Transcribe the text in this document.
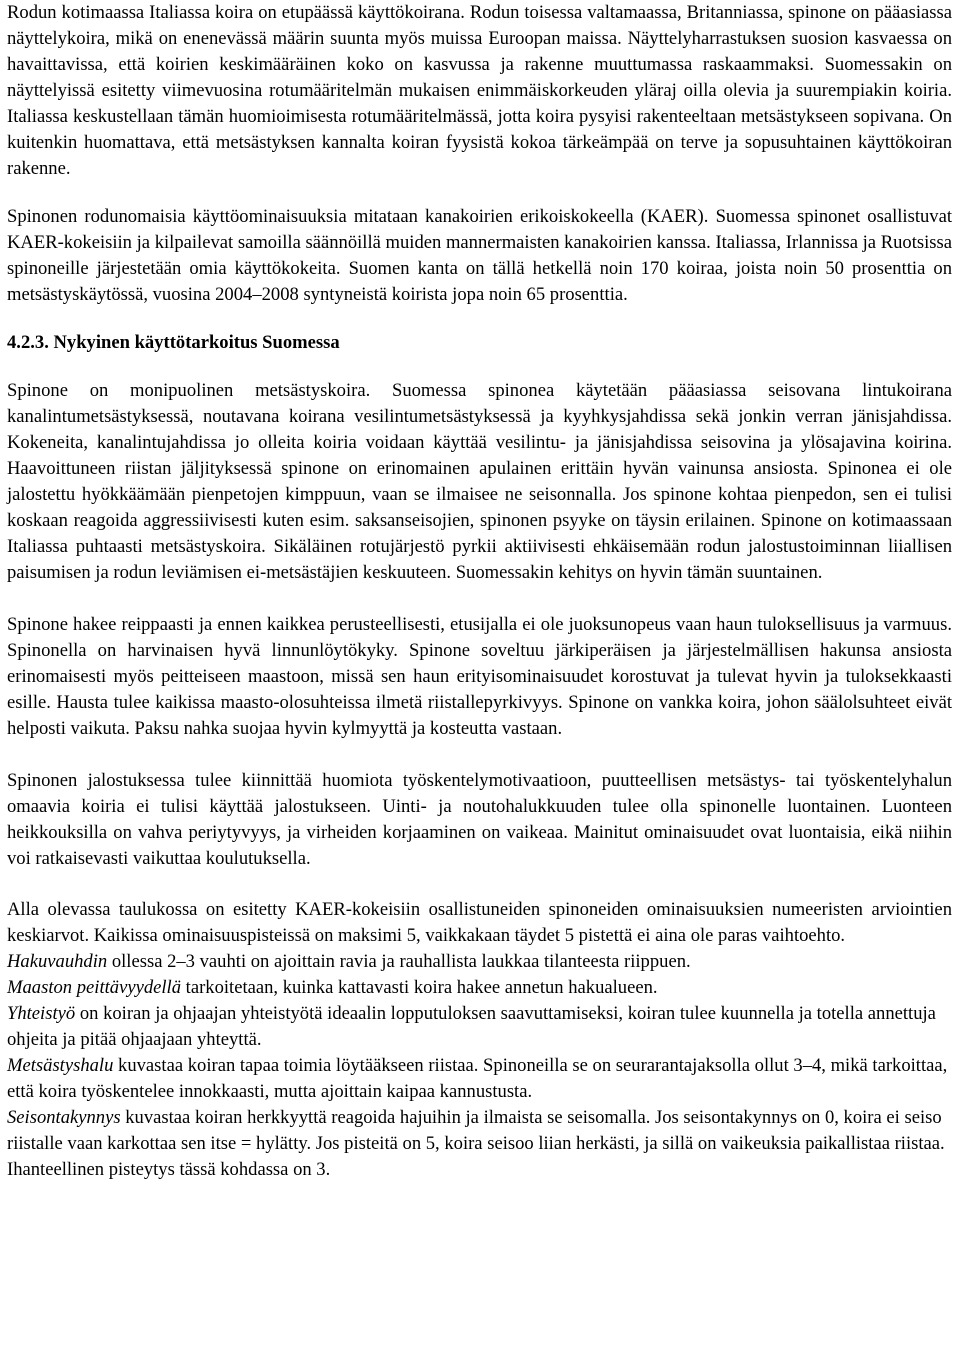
Rodun kotimaassa Italiassa koira on etupäässä käyttökoirana. Rodun toisessa valtamaassa, Britanniassa, spinone on pääasiassa näyttelykoira, mikä on enenevässä määrin suunta myös muissa Euroopan maissa. Näyttelyharrastuksen suosion kasvaessa on havaittavissa, että koirien keskimääräinen koko on kasvussa ja rakenne muuttumassa raskaammaksi. Suomessakin on näyttelyissä esitetty viimevuosina rotumääritelmän mukaisen enimmäiskorkeuden yläraj oilla olevia ja suurempiakin koiria. Italiassa keskustellaan tämän huomioimisesta rotumääritelmässä, jotta koira pysyisi rakenteeltaan metsästykseen sopivana. On kuitenkin huomattava, että metsästyksen kannalta koiran fyysistä kokoa tärkeämpää on terve ja sopusuhtainen käyttökoiran rakenne.

Spinonen rodunomaisia käyttöominaisuuksia mitataan kanakoirien erikoiskokeella (KAER). Suomessa spinonet osallistuvat KAER-kokeisiin ja kilpailevat samoilla säännöillä muiden mannermaisten kanakoirien kanssa. Italiassa, Irlannissa ja Ruotsissa spinoneille järjestetään omia käyttökokeita. Suomen kanta on tällä hetkellä noin 170 koiraa, joista noin 50 prosenttia on metsästyskäytössä, vuosina 2004–2008 syntyneistä koirista jopa noin 65 prosenttia.

4.2.3. Nykyinen käyttötarkoitus Suomessa

Spinone on monipuolinen metsästyskoira. Suomessa spinonea käytetään pääasiassa seisovana lintukoirana kanalintumetsästyksessä, noutavana koirana vesilintumetsästyksessä ja kyyhkysjahdissa sekä jonkin verran jänisjahdissa. Kokeneita, kanalintujahdissa jo olleita koiria voidaan käyttää vesilintu- ja jänisjahdissa seisovina ja ylösajavina koirina. Haavoittuneen riistan jäljityksessä spinone on erinomainen apulainen erittäin hyvän vainunsa ansiosta. Spinonea ei ole jalostettu hyökkäämään pienpetojen kimppuun, vaan se ilmaisee ne seisonnalla. Jos spinone kohtaa pienpedon, sen ei tulisi koskaan reagoida aggressiivisesti kuten esim. saksanseisojien, spinonen psyyke on täysin erilainen. Spinone on kotimaassaan Italiassa puhtaasti metsästyskoira. Sikäläinen rotujärjestö pyrkii aktiivisesti ehkäisemään rodun jalostustoiminnan liiallisen paisumisen ja rodun leviämisen ei-metsästäjien keskuuteen. Suomessakin kehitys on hyvin tämän suuntainen.

Spinone hakee reippaasti ja ennen kaikkea perusteellisesti, etusijalla ei ole juoksunopeus vaan haun tuloksellisuus ja varmuus. Spinonella on harvinaisen hyvä linnunlöytökyky. Spinone soveltuu järkiperäisen ja järjestelmällisen hakunsa ansiosta erinomaisesti myös peitteiseen maastoon, missä sen haun erityisominaisuudet korostuvat ja tulevat hyvin ja tuloksekkaasti esille. Hausta tulee kaikissa maasto-olosuhteissa ilmetä riistallepyrkivyys. Spinone on vankka koira, johon säälolsuhteet eivät helposti vaikuta. Paksu nahka suojaa hyvin kylmyyttä ja kosteutta vastaan.

Spinonen jalostuksessa tulee kiinnittää huomiota työskentelymotivaatioon, puutteellisen metsästys- tai työskentelyhalun omaavia koiria ei tulisi käyttää jalostukseen. Uinti- ja noutohalukkuuden tulee olla spinonelle luontainen. Luonteen heikkouksilla on vahva periytyvyys, ja virheiden korjaaminen on vaikeaa. Mainitut ominaisuudet ovat luontaisia, eikä niihin voi ratkaisevasti vaikuttaa koulutuksella.

Alla olevassa taulukossa on esitetty KAER-kokeisiin osallistuneiden spinoneiden ominaisuuksien numeeristen arviointien keskiarvot. Kaikissa ominaisuuspisteissä on maksimi 5, vaikkakaan täydet 5 pistettä ei aina ole paras vaihtoehto.

Hakuvauhdin ollessa 2–3 vauhti on ajoittain ravia ja rauhallista laukkaa tilanteesta riippuen.

Maaston peittävyydellä tarkoitetaan, kuinka kattavasti koira hakee annetun hakualueen.

Yhteistyö on koiran ja ohjaajan yhteistyötä ideaalin lopputuloksen saavuttamiseksi, koiran tulee kuunnella ja totella annettuja ohjeita ja pitää ohjaajaan yhteyttä.

Metsästyshalu kuvastaa koiran tapaa toimia löytääkseen riistaa. Spinoneilla se on seurarantajaksolla ollut 3–4, mikä tarkoittaa, että koira työskentelee innokkaasti, mutta ajoittain kaipaa kannustusta.

Seisontakynnys kuvastaa koiran herkkyyttä reagoida hajuihin ja ilmaista se seisomalla. Jos seisontakynnys on 0, koira ei seiso riistalle vaan karkottaa sen itse = hylätty. Jos pisteitä on 5, koira seisoo liian herkästi, ja sillä on vaikeuksia paikallistaa riistaa. Ihanteellinen pisteytys tässä kohdassa on 3.
